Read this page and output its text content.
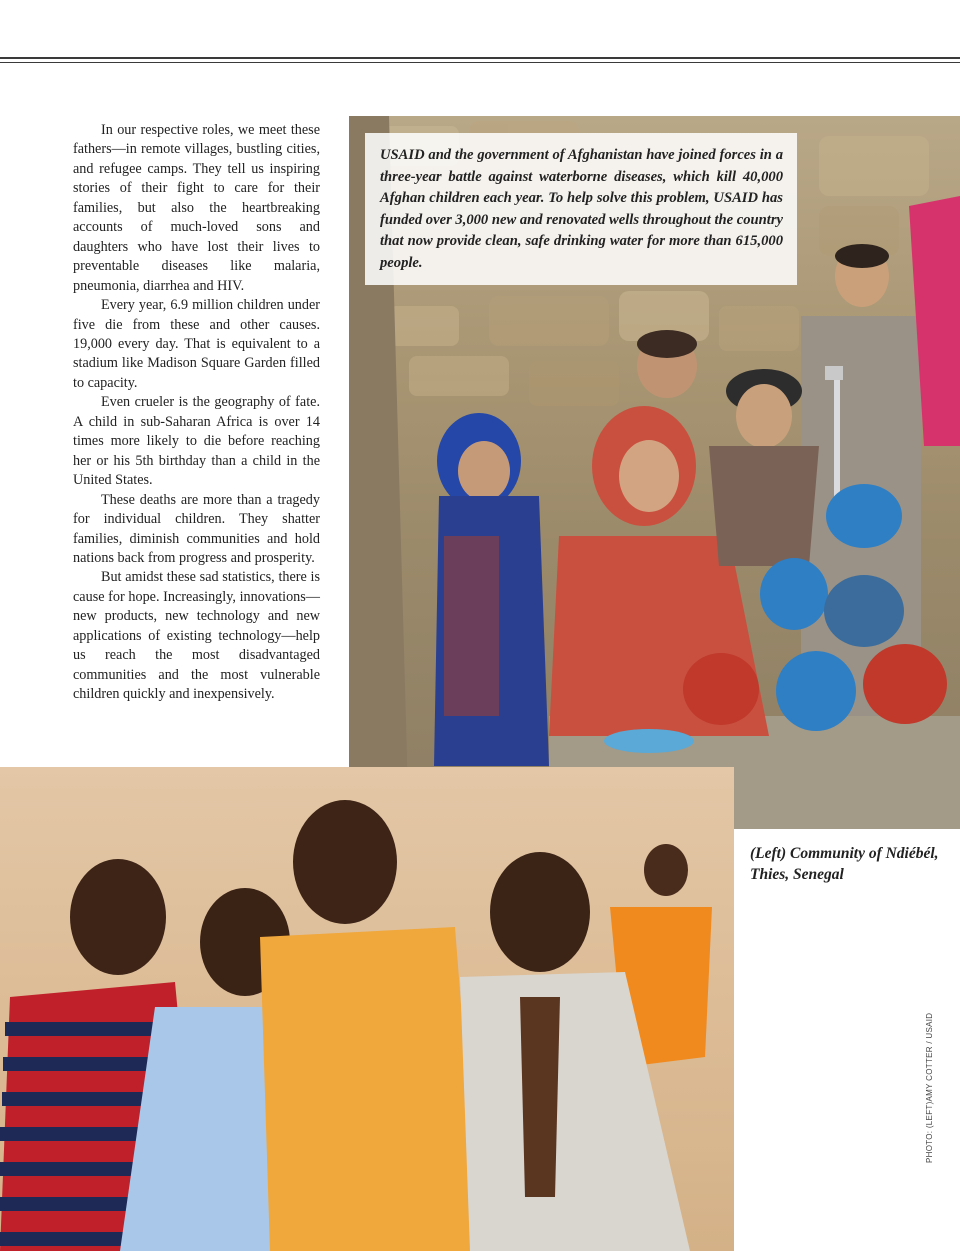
In our respective roles, we meet these fathers—in remote villages, bustling cities, and refugee camps. They tell us inspiring stories of their fight to care for their families, but also the heartbreaking accounts of much-loved sons and daughters who have lost their lives to preventable diseases like malaria, pneumonia, diarrhea and HIV.

Every year, 6.9 million children under five die from these and other causes. 19,000 every day. That is equivalent to a stadium like Madison Square Garden filled to capacity.

Even crueler is the geography of fate. A child in sub-Saharan Africa is over 14 times more likely to die before reaching her or his 5th birthday than a child in the United States.

These deaths are more than a tragedy for individual children. They shatter families, diminish communities and hold nations back from progress and prosperity.

But amidst these sad statistics, there is cause for hope. Increasingly, innovations—new products, new technology and new applications of existing technology—help us reach the most disadvantaged communities and the most vulnerable children quickly and inexpensively.

USAID and the government of Afghanistan have joined forces in a three-year battle against waterborne diseases, which kill 40,000 Afghan children each year. To help solve this problem, USAID has funded over 3,000 new and renovated wells throughout the country that now provide clean, safe drinking water for more than 615,000 people.
(Left) Community of Ndiébél, Thies, Senegal
PHOTO: (LEFT)AMY COTTER / USAID
